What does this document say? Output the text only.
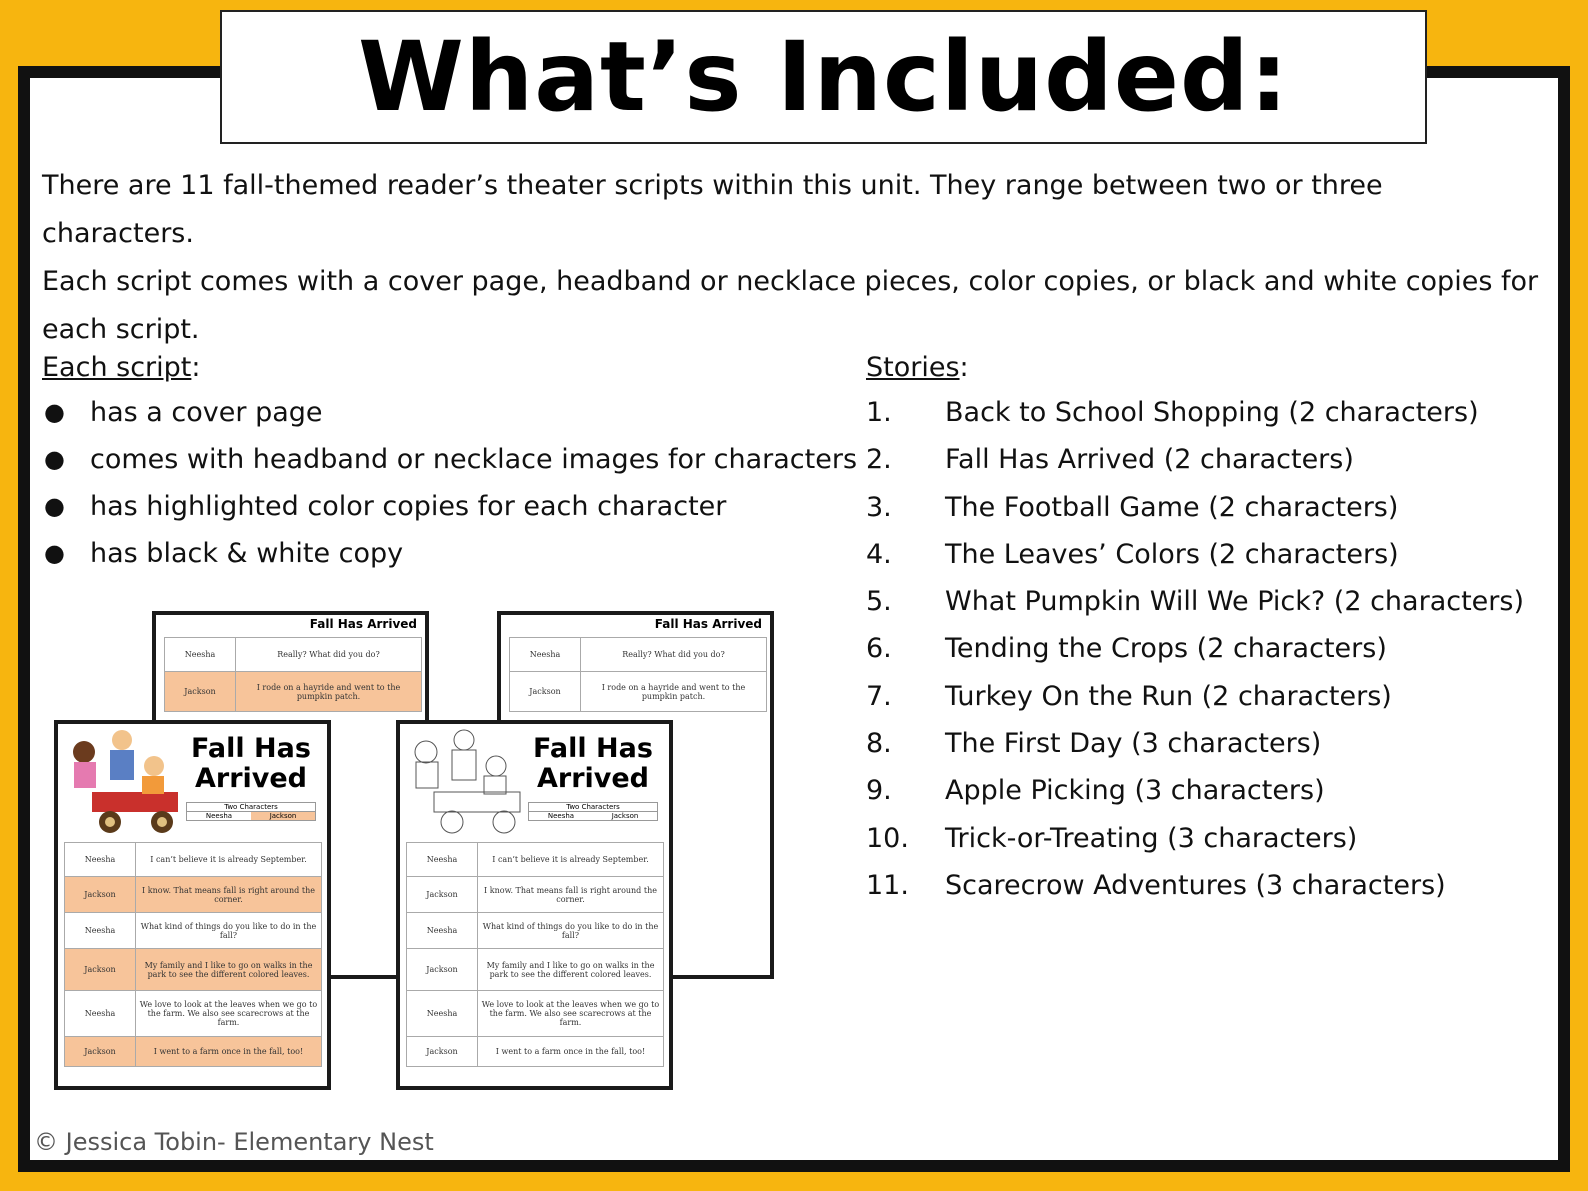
What’s Included:

There are 11 fall-themed reader’s theater scripts within this unit. They range between two or three characters.

Each script comes with a cover page, headband or necklace pieces, color copies, or black and white copies for

each script.

Each script:

● has a cover page
● comes with headband or necklace images for characters
● has highlighted color copies for each character
● has black & white copy

Stories:

1.	Back to School Shopping (2 characters)
2.	Fall Has Arrived (2 characters)
3.	The Football Game (2 characters)
4.	The Leaves’ Colors (2 characters)
5.	What Pumpkin Will We Pick? (2 characters)
6.	Tending the Crops (2 characters)
7.	Turkey On the Run (2 characters)
8.	The First Day (3 characters)
9.	Apple Picking (3 characters)
10.	Trick-or-Treating (3 characters)
11.	Scarecrow Adventures (3 characters)
Fall Has Arrived
Neesha	Really? What did you do?
Jackson	I rode on a hayride and went to the pumpkin patch.
Fall Has Arrived
Neesha	Really? What did you do?
Jackson	I rode on a hayride and went to the pumpkin patch.
Fall Has
Arrived
Two Characters
Neesha	Jackson
Neesha	I can’t believe it is already September.
Jackson	I know. That means fall is right around the corner.
Neesha	What kind of things do you like to do in the fall?
Jackson	My family and I like to go on walks in the park to see the different colored leaves.
Neesha	We love to look at the leaves when we go to the farm. We also see scarecrows at the farm.
Jackson	I went to a farm once in the fall, too!
Fall Has
Arrived
Two Characters
Neesha	Jackson
Neesha	I can’t believe it is already September.
Jackson	I know. That means fall is right around the corner.
Neesha	What kind of things do you like to do in the fall?
Jackson	My family and I like to go on walks in the park to see the different colored leaves.
Neesha	We love to look at the leaves when we go to the farm. We also see scarecrows at the farm.
Jackson	I went to a farm once in the fall, too!
© Jessica Tobin- Elementary Nest
